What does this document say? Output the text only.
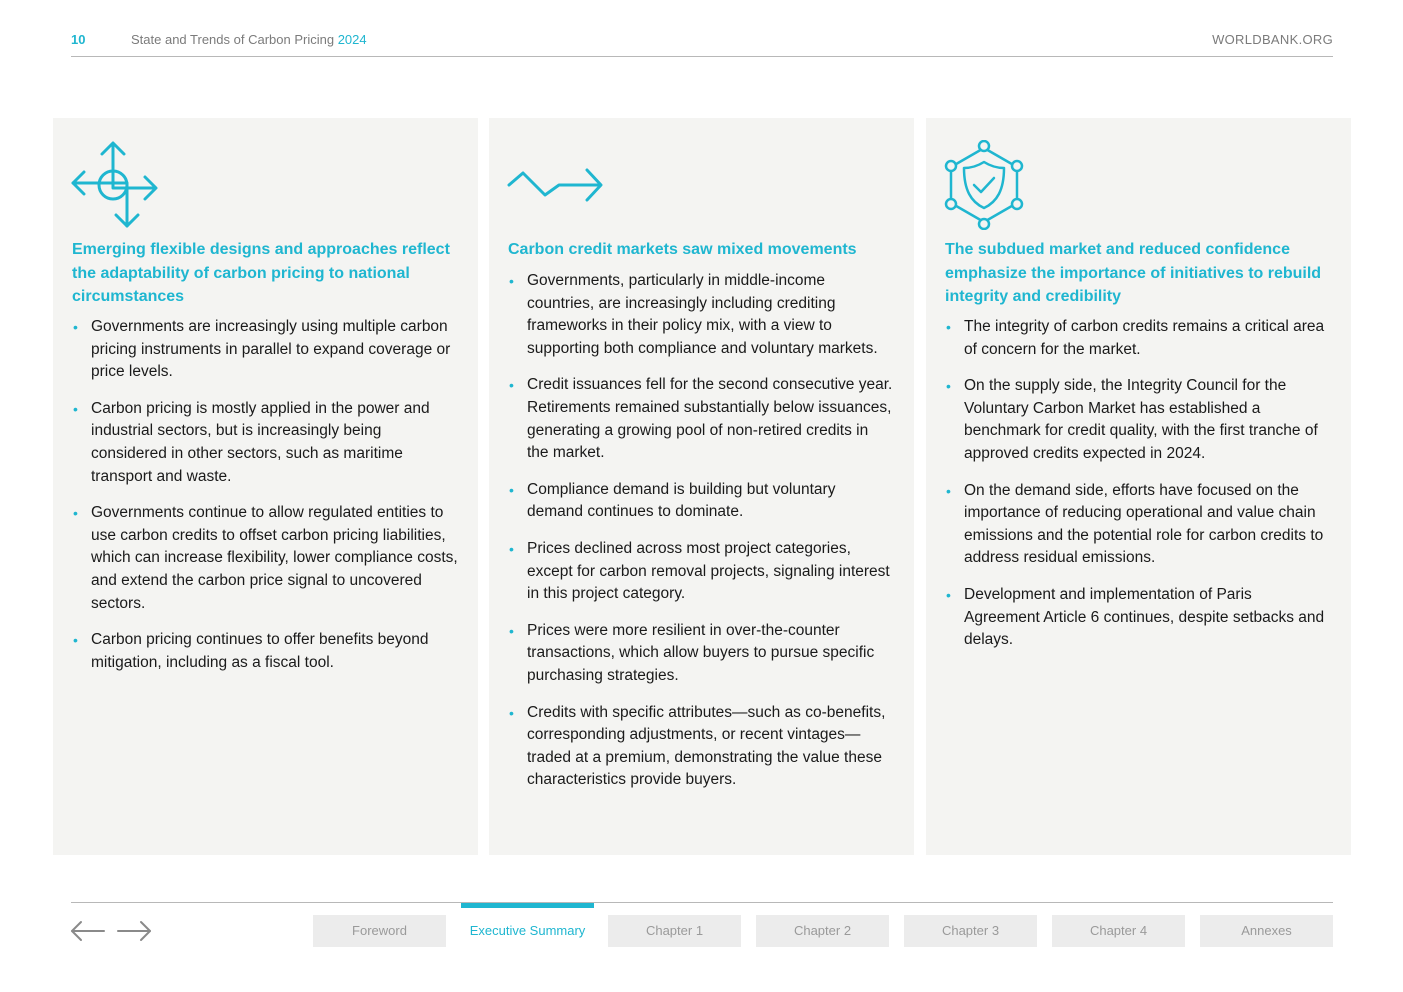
10	State and Trends of Carbon Pricing 2024	WORLDBANK.ORG
Emerging flexible designs and approaches reflect the adaptability of carbon pricing to national circumstances
• Governments are increasingly using multiple carbon pricing instruments in parallel to expand coverage or price levels.
• Carbon pricing is mostly applied in the power and industrial sectors, but is increasingly being considered in other sectors, such as maritime transport and waste.
• Governments continue to allow regulated entities to use carbon credits to offset carbon pricing liabilities, which can increase flexibility, lower compliance costs, and extend the carbon price signal to uncovered sectors.
• Carbon pricing continues to offer benefits beyond mitigation, including as a fiscal tool.
Carbon credit markets saw mixed movements
• Governments, particularly in middle-income countries, are increasingly including crediting frameworks in their policy mix, with a view to supporting both compliance and voluntary markets.
• Credit issuances fell for the second consecutive year. Retirements remained substantially below issuances, generating a growing pool of non-retired credits in the market.
• Compliance demand is building but voluntary demand continues to dominate.
• Prices declined across most project categories, except for carbon removal projects, signaling interest in this project category.
• Prices were more resilient in over-the-counter transactions, which allow buyers to pursue specific purchasing strategies.
• Credits with specific attributes—such as co-benefits, corresponding adjustments, or recent vintages—traded at a premium, demonstrating the value these characteristics provide buyers.
The subdued market and reduced confidence emphasize the importance of initiatives to rebuild integrity and credibility
• The integrity of carbon credits remains a critical area of concern for the market.
• On the supply side, the Integrity Council for the Voluntary Carbon Market has established a benchmark for credit quality, with the first tranche of approved credits expected in 2024.
• On the demand side, efforts have focused on the importance of reducing operational and value chain emissions and the potential role for carbon credits to address residual emissions.
• Development and implementation of Paris Agreement Article 6 continues, despite setbacks and delays.
Foreword	Executive Summary	Chapter 1	Chapter 2	Chapter 3	Chapter 4	Annexes
